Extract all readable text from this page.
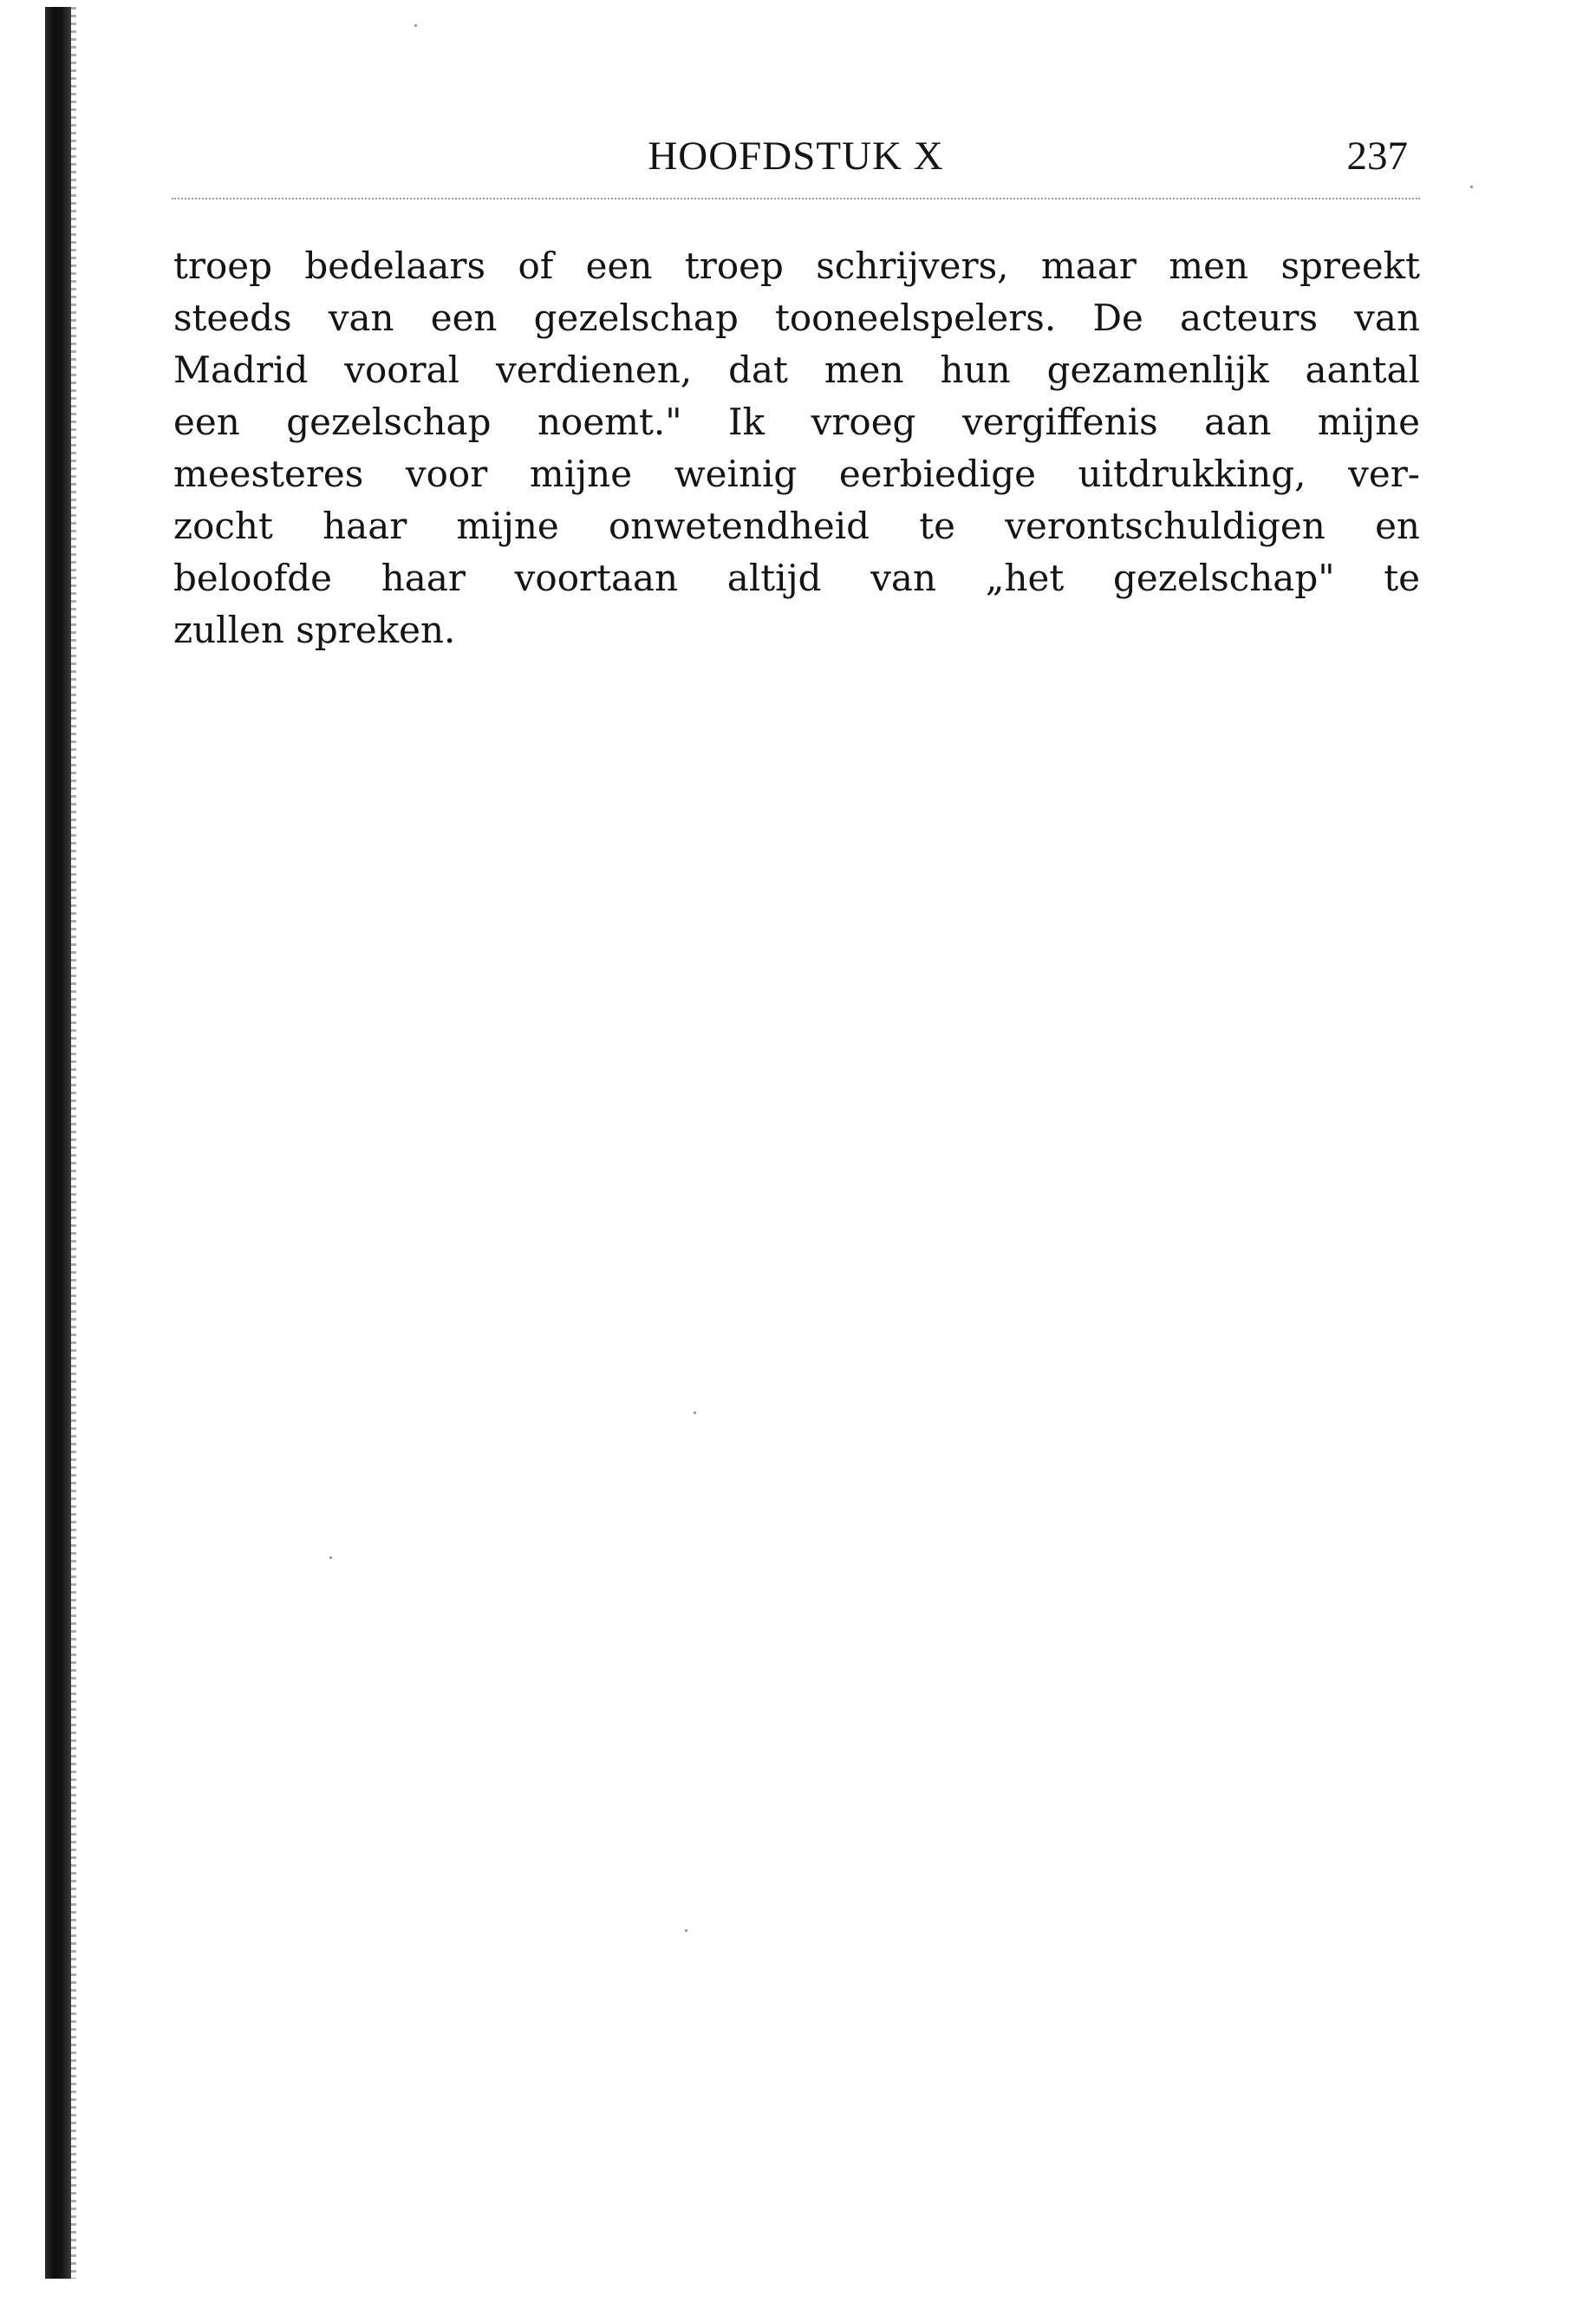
HOOFDSTUK X	237
troep bedelaars of een troep schrijvers, maar men spreekt
steeds van een gezelschap tooneelspelers. De acteurs van
Madrid vooral verdienen, dat men hun gezamenlijk aantal
een gezelschap noemt." Ik vroeg vergiffenis aan mijne
meesteres voor mijne weinig eerbiedige uitdrukking, ver-
zocht haar mijne onwetendheid te verontschuldigen en
beloofde haar voortaan altijd van „het gezelschap" te
zullen spreken.
